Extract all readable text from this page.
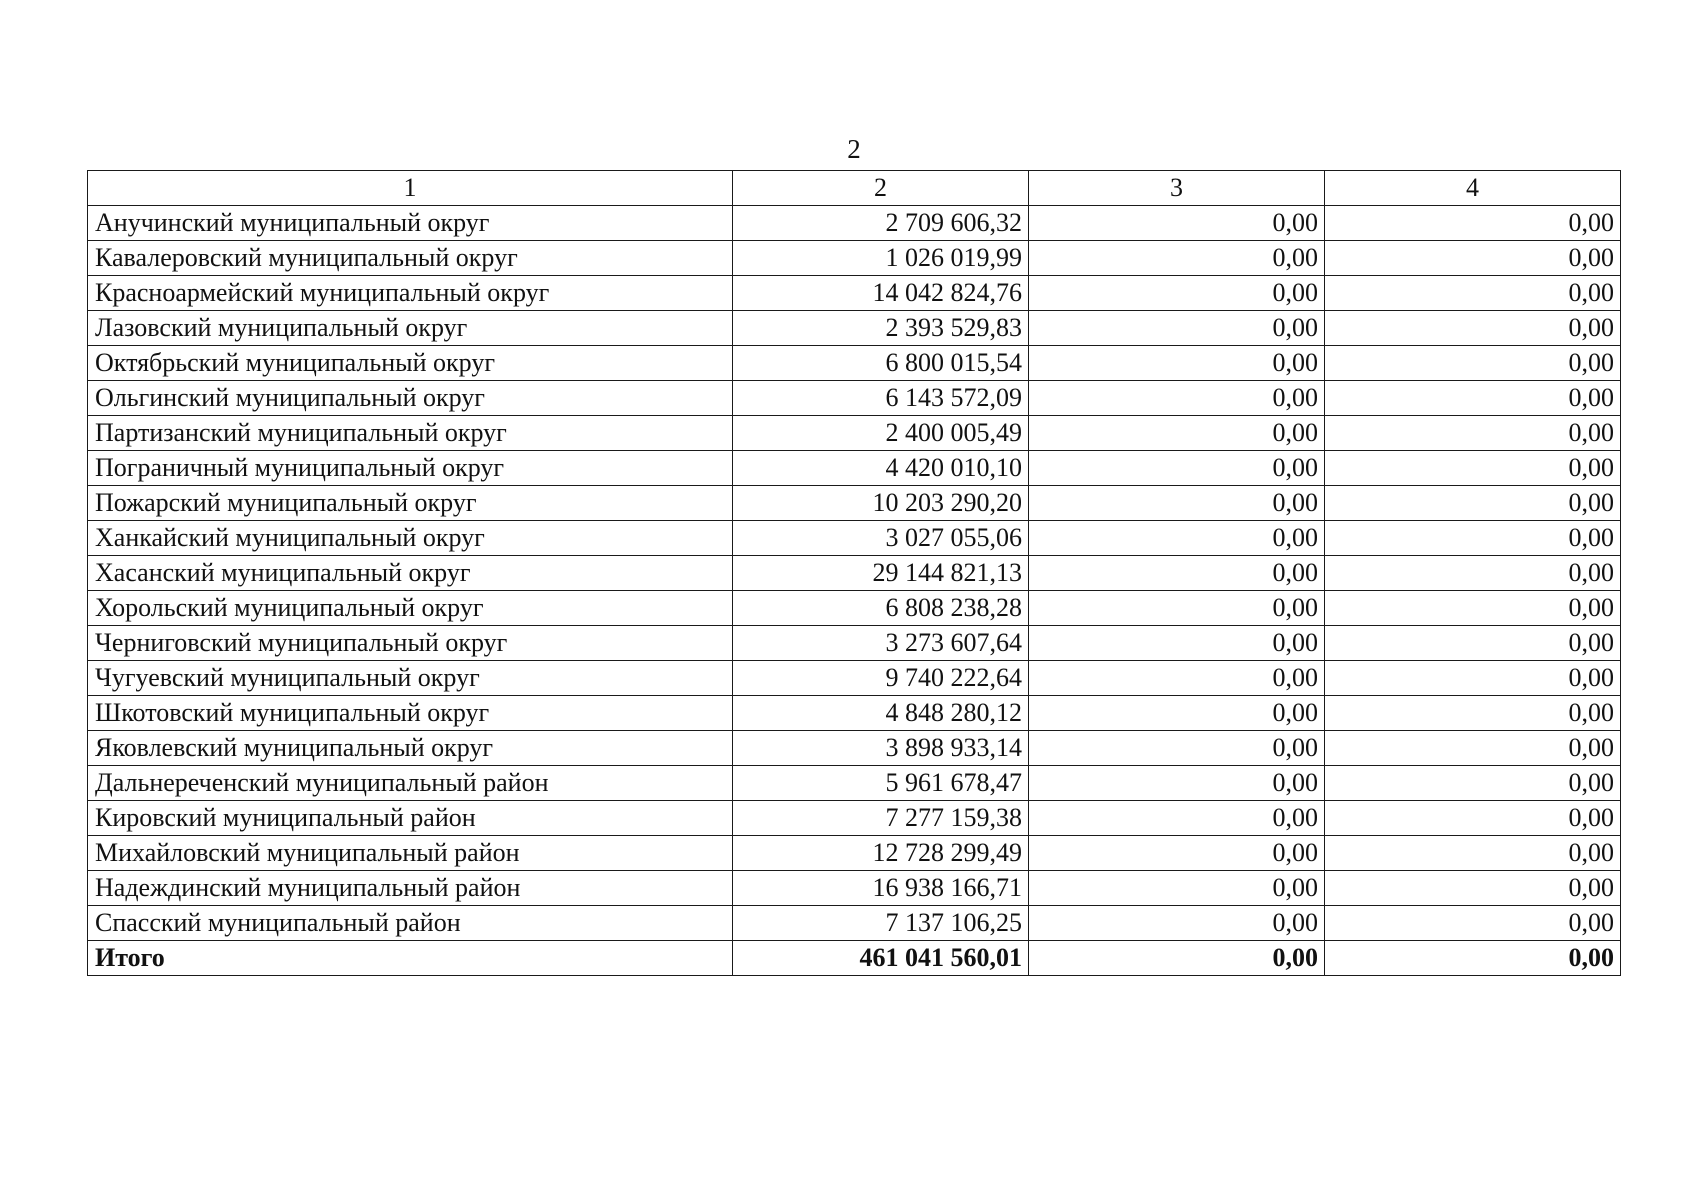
2
1	2	3	4
Анучинский муниципальный округ	2 709 606,32	0,00	0,00
Кавалеровский муниципальный округ	1 026 019,99	0,00	0,00
Красноармейский муниципальный округ	14 042 824,76	0,00	0,00
Лазовский муниципальный округ	2 393 529,83	0,00	0,00
Октябрьский муниципальный округ	6 800 015,54	0,00	0,00
Ольгинский муниципальный округ	6 143 572,09	0,00	0,00
Партизанский муниципальный округ	2 400 005,49	0,00	0,00
Пограничный муниципальный округ	4 420 010,10	0,00	0,00
Пожарский муниципальный округ	10 203 290,20	0,00	0,00
Ханкайский муниципальный округ	3 027 055,06	0,00	0,00
Хасанский муниципальный округ	29 144 821,13	0,00	0,00
Хорольский муниципальный округ	6 808 238,28	0,00	0,00
Черниговский муниципальный округ	3 273 607,64	0,00	0,00
Чугуевский муниципальный округ	9 740 222,64	0,00	0,00
Шкотовский муниципальный округ	4 848 280,12	0,00	0,00
Яковлевский муниципальный округ	3 898 933,14	0,00	0,00
Дальнереченский муниципальный район	5 961 678,47	0,00	0,00
Кировский муниципальный район	7 277 159,38	0,00	0,00
Михайловский муниципальный район	12 728 299,49	0,00	0,00
Надеждинский муниципальный район	16 938 166,71	0,00	0,00
Спасский муниципальный район	7 137 106,25	0,00	0,00
Итого	461 041 560,01	0,00	0,00
